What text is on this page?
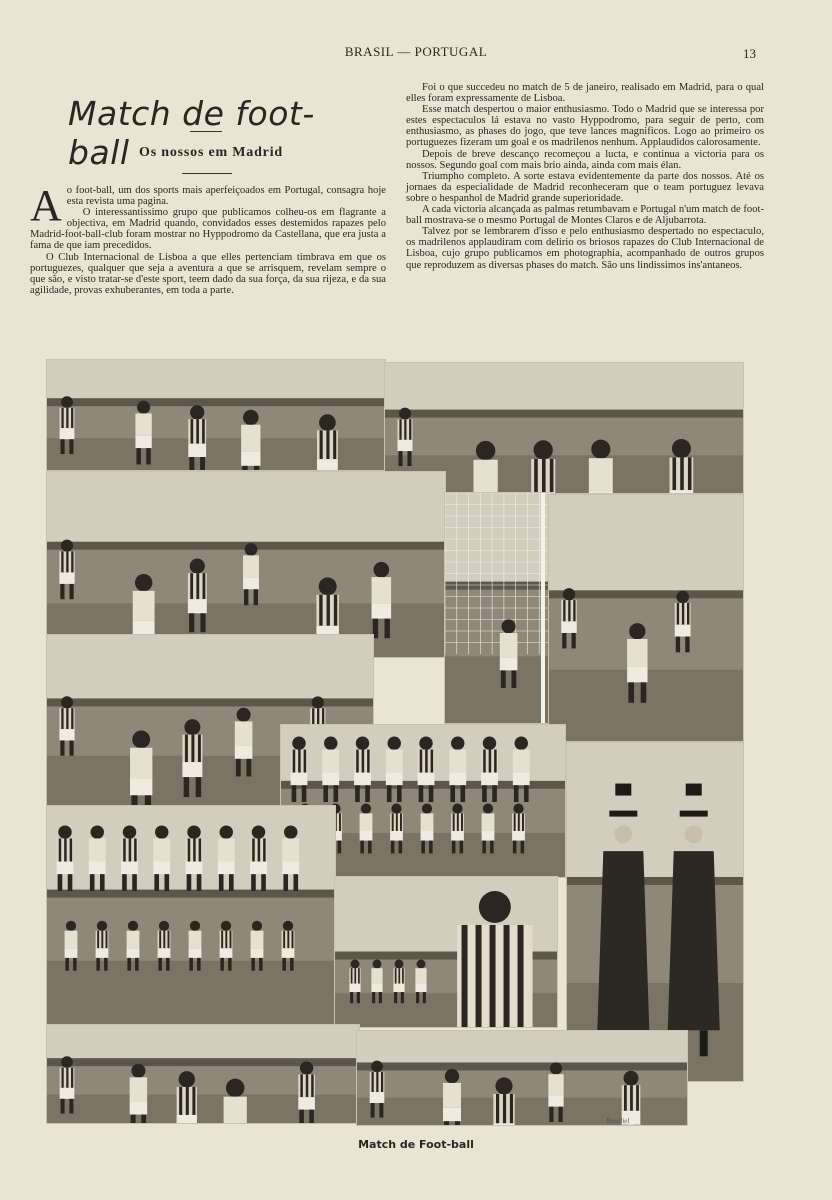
BRASIL — PORTUGAL	13
Match de foot-ball Os nossos em Madrid
A o foot-ball, um dos sports mais aperfeiçoados em Portugal, consagra hoje esta revista uma pagina.

O interessantissimo grupo que publicamos colheu-os em flagrante a objectiva, em Madrid quando, convidados esses destemidos rapazes pelo Madrid-foot-ball-club foram mostrar no Hyppodromo da Castellana, que era justa a fama de que iam precedidos.

O Club Internacional de Lisboa a que elles pertenciam timbrava em que os portuguezes, qualquer que seja a aventura a que se arrisquem, revelam sempre o que são, e visto tratar-se d'este sport, teem dado da sua força, da sua rijeza, e da sua agilidade, provas exhuberantes, em toda a parte.

Foi o que succedeu no match de 5 de janeiro, realisado em Madrid, para o qual elles foram expressamente de Lisboa.

Esse match despertou o maior enthusiasmo. Todo o Madrid que se interessa por estes espectaculos lá estava no vasto Hyppodromo, para seguir de perto, com enthusiasmo, as phases do jogo, que teve lances magnificos. Logo ao primeiro os portuguezes fizeram um goal e os madrilenos nenhum. Applaudidos calorosamente.

Depois de breve descanço recomeçou a lucta, e continua a victoria para os nossos. Segundo goal com mais brio ainda, ainda com mais élan.

Triumpho completo. A sorte estava evidentemente da parte dos nossos. Até os jornaes da especialidade de Madrid reconheceram que o team portuguez levava sobre o hespanhol de Madrid grande superioridade.

A cada victoria alcançada as palmas retumbavam e Portugal n'um match de foot-ball mostrava-se o mesmo Portugal de Montes Claros e de Aljubarrota.

Talvez por se lembrarem d'isso e pelo enthusiasmo despertado no espectaculo, os madrilenos applaudiram com delirio os briosos rapazes do Club Internacional de Lisboa, cujo grupo publicamos em photographia, acompanhado de outros grupos que reproduzem as diversas phases do match. São uns lindissimos ins'antaneos.

Benoliel
Match de Foot-ball
